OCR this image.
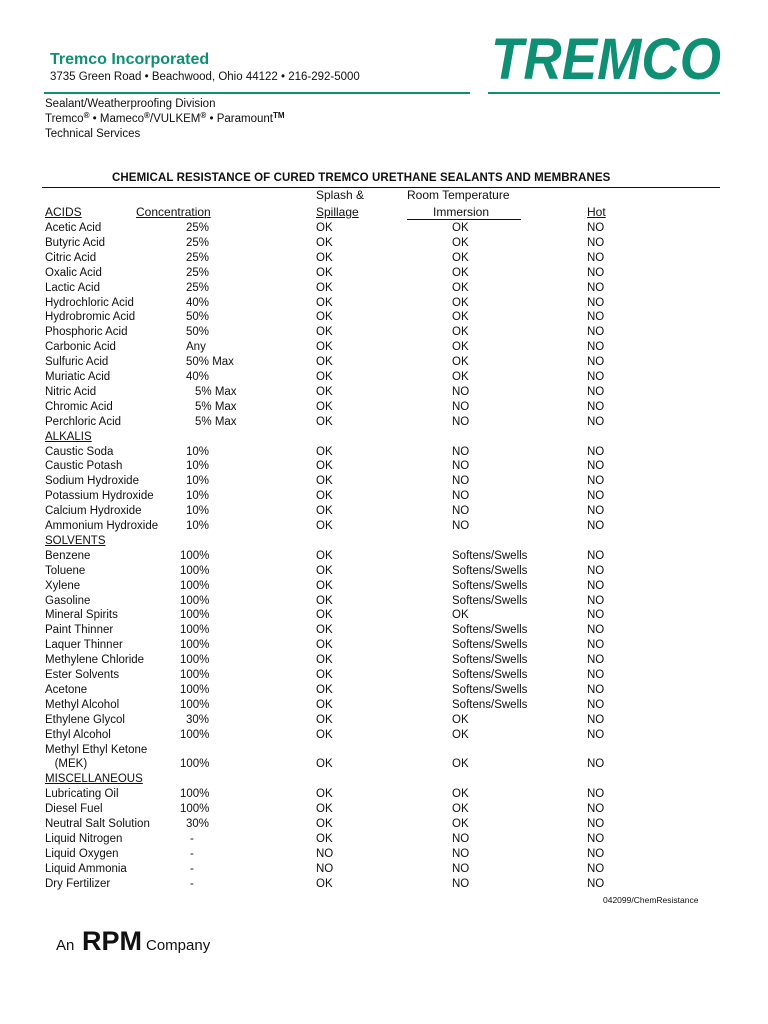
Tremco Incorporated
3735 Green Road • Beachwood, Ohio 44122 • 216-292-5000 TREMCO
Sealant/Weatherproofing Division
Tremco® • Mameco®/VULKEM® • Paramount™
Technical Services
CHEMICAL RESISTANCE OF CURED TREMCO URETHANE SEALANTS AND MEMBRANES
Splash &
Spillage
Room Temperature
Immersion	Hot
ACIDS	Concentration
Acetic Acid	25%	OK	OK	NO
Butyric Acid	25%	OK	OK	NO
Citric Acid	25%	OK	OK	NO
Oxalic Acid	25%	OK	OK	NO
Lactic Acid	25%	OK	OK	NO
Hydrochloric Acid	40%	OK	OK	NO
Hydrobromic Acid	50%	OK	OK	NO
Phosphoric Acid	50%	OK	OK	NO
Carbonic Acid	Any	OK	OK	NO
Sulfuric Acid	50% Max	OK	OK	NO
Muriatic Acid	40%	OK	OK	NO
Nitric Acid	5% Max	OK	NO	NO
Chromic Acid	5% Max	OK	NO	NO
Perchloric Acid	5% Max	OK	NO	NO
ALKALIS
Caustic Soda	10%	OK	NO	NO
Caustic Potash	10%	OK	NO	NO
Sodium Hydroxide	10%	OK	NO	NO
Potassium Hydroxide	10%	OK	NO	NO
Calcium Hydroxide	10%	OK	NO	NO
Ammonium Hydroxide 10%	OK	NO	NO
SOLVENTS
Benzene	100%	OK	Softens/Swells	NO
Toluene	100%	OK	Softens/Swells	NO
Xylene	100%	OK	Softens/Swells	NO
Gasoline	100%	OK	Softens/Swells	NO
Mineral Spirits	100%	OK	OK	NO
Paint Thinner	100%	OK	Softens/Swells	NO
Laquer Thinner	100%	OK	Softens/Swells	NO
Methylene Chloride	100%	OK	Softens/Swells	NO
Ester Solvents	100%	OK	Softens/Swells	NO
Acetone	100%	OK	Softens/Swells	NO
Methyl Alcohol	100%	OK	Softens/Swells	NO
Ethylene Glycol	30%	OK	OK	NO
Ethyl Alcohol	100%	OK	OK	NO
Methyl Ethyl Ketone
(MEK)	100%	OK	OK	NO
MISCELLANEOUS
Lubricating Oil	100%	OK	OK	NO
Diesel Fuel	100%	OK	OK	NO
Neutral Salt Solution	30%	OK	OK	NO
Liquid Nitrogen	-	OK	NO	NO
Liquid Oxygen	-	NO	NO	NO
Liquid Ammonia	-	NO	NO	NO
Dry Fertilizer	-	OK	NO	NO
042099/ChemResistance
An RPM Company
